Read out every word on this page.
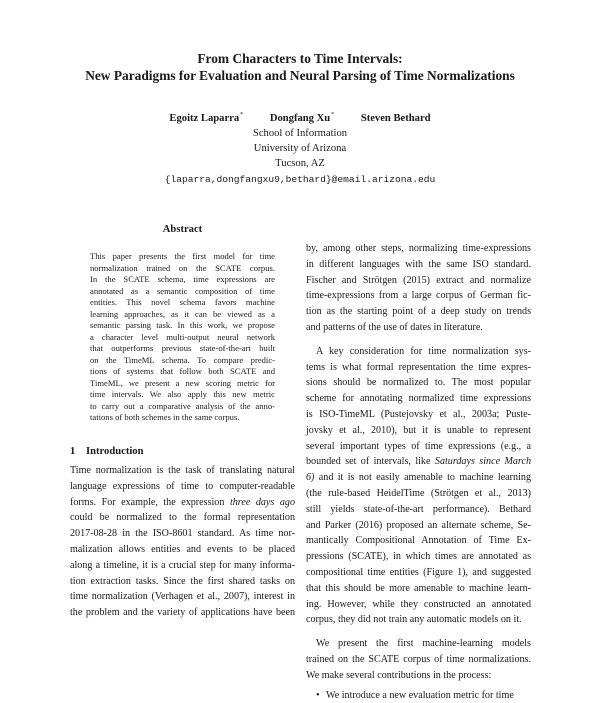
From Characters to Time Intervals:
New Paradigms for Evaluation and Neural Parsing of Time Normalizations
Egoitz Laparra*	Dongfang Xu*	Steven Bethard
School of Information
University of Arizona
Tucson, AZ
{laparra,dongfangxu9,bethard}@email.arizona.edu
Abstract
This paper presents the first model for time
normalization trained on the SCATE corpus.
In the SCATE schema, time expressions are
annotated as a semantic composition of time
entities. This novel schema favors machine
learning approaches, as it can be viewed as a
semantic parsing task. In this work, we propose
a character level multi-output neural network
that outperforms previous state-of-the-art built
on the TimeML schema. To compare predic-
tions of systems that follow both SCATE and
TimeML, we present a new scoring metric for
time intervals. We also apply this new metric
to carry out a comparative analysis of the anno-
tations of both schemes in the same corpus.
1 Introduction
Time normalization is the task of translating natural
language expressions of time to computer-readable
forms. For example, the expression three days ago
could be normalized to the formal representation
2017-08-28 in the ISO-8601 standard. As time nor-
malization allows entities and events to be placed
along a timeline, it is a crucial step for many informa-
tion extraction tasks. Since the first shared tasks on
time normalization (Verhagen et al., 2007), interest in
the problem and the variety of applications have been
by, among other steps, normalizing time-expressions
in different languages with the same ISO standard.
Fischer and Strötgen (2015) extract and normalize
time-expressions from a large corpus of German fic-
tion as the starting point of a deep study on trends
and patterns of the use of dates in literature.
A key consideration for time normalization sys-
tems is what formal representation the time expres-
sions should be normalized to. The most popular
scheme for annotating normalized time expressions
is ISO-TimeML (Pustejovsky et al., 2003a; Puste-
jovsky et al., 2010), but it is unable to represent
several important types of time expressions (e.g., a
bounded set of intervals, like Saturdays since March
6) and it is not easily amenable to machine learning
(the rule-based HeidelTime (Strötgen et al., 2013)
still yields state-of-the-art performance). Bethard
and Parker (2016) proposed an alternate scheme, Se-
mantically Compositional Annotation of Time Ex-
pressions (SCATE), in which times are annotated as
compositional time entities (Figure 1), and suggested
that this should be more amenable to machine learn-
ing. However, while they constructed an annotated
corpus, they did not train any automatic models on it.
We present the first machine-learning models
trained on the SCATE corpus of time normalizations.
We make several contributions in the process:
• We introduce a new evaluation metric for time
